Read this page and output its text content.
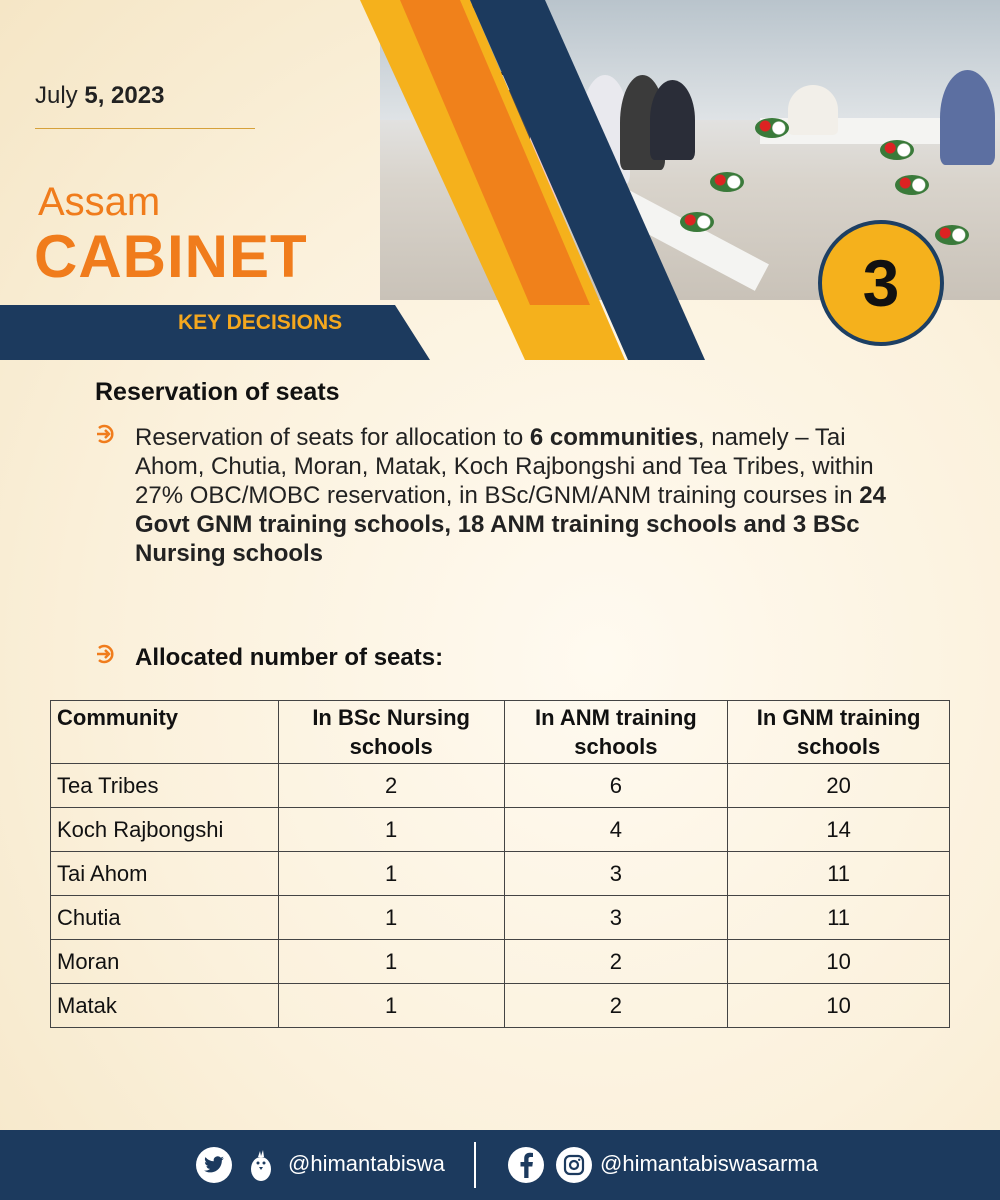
July 5, 2023
Assam
CABINET
KEY DECISIONS
3
Reservation of seats
Reservation of seats for allocation to 6 communities, namely – Tai Ahom, Chutia, Moran, Matak, Koch Rajbongshi and Tea Tribes, within 27% OBC/MOBC reservation, in BSc/GNM/ANM training courses in 24 Govt GNM training schools, 18 ANM training schools and 3 BSc Nursing schools
Allocated number of seats:
Community	In BSc Nursing schools	In ANM training schools	In GNM training schools
Tea Tribes	2	6	20
Koch Rajbongshi	1	4	14
Tai Ahom	1	3	11
Chutia	1	3	11
Moran	1	2	10
Matak	1	2	10
@himantabiswa	@himantabiswasarma
